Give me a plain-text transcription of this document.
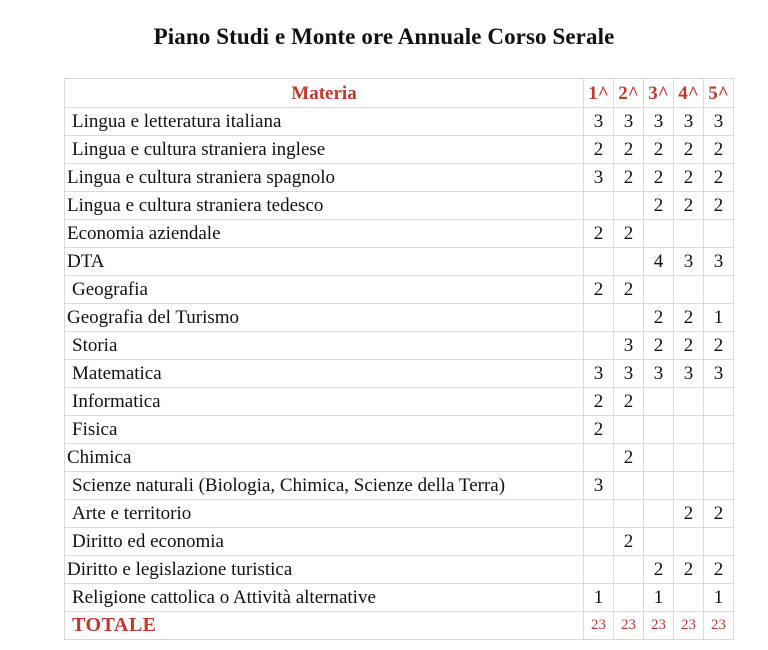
Piano Studi e Monte ore Annuale Corso Serale
Materia	1^	2^	3^	4^	5^
Lingua e letteratura italiana	3	3	3	3	3
Lingua e cultura straniera inglese	2	2	2	2	2
Lingua e cultura straniera spagnolo	3	2	2	2	2
Lingua e cultura straniera tedesco			2	2	2
Economia aziendale	2	2			
DTA			4	3	3
Geografia	2	2			
Geografia del Turismo			2	2	1
Storia		3	2	2	2
Matematica	3	3	3	3	3
Informatica	2	2			
Fisica	2				
Chimica		2			
Scienze naturali (Biologia, Chimica, Scienze della Terra)	3				
Arte e territorio				2	2
Diritto ed economia		2			
Diritto e legislazione turistica			2	2	2
Religione cattolica o Attività alternative	1		1		1
TOTALE	23	23	23	23	23
